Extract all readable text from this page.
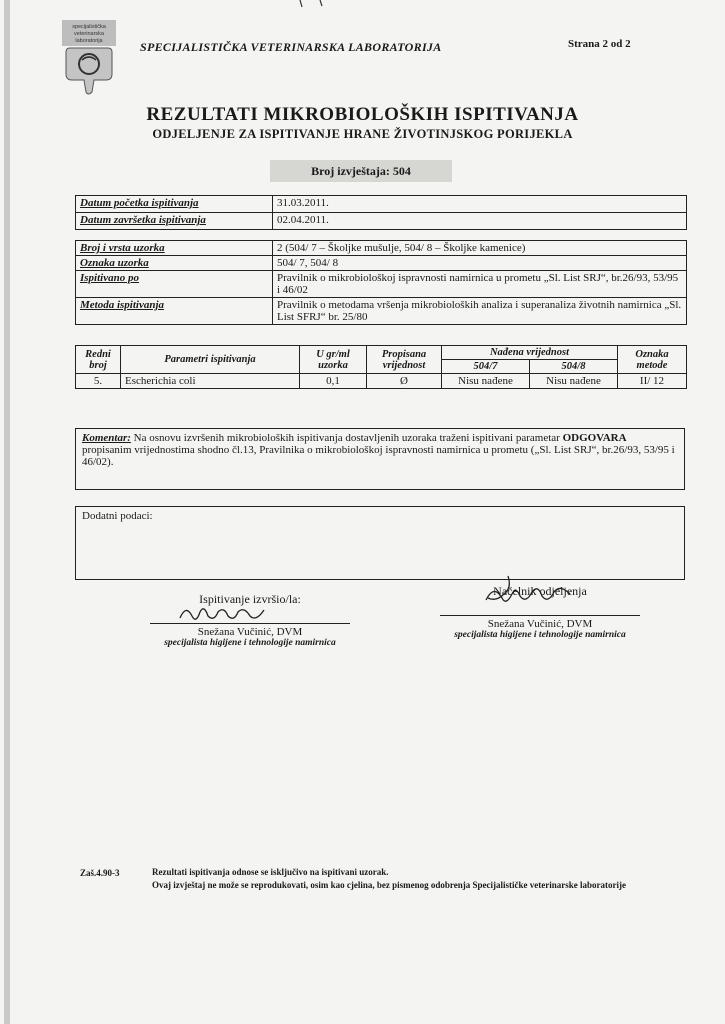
specijalistička
veterinarska
laboratorija	SPECIJALISTIČKA VETERINARSKA LABORATORIJA	Strana 2 od 2
REZULTATI MIKROBIOLOŠKIH ISPITIVANJA
ODJELJENJE ZA ISPITIVANJE HRANE ŽIVOTINJSKOG PORIJEKLA
Broj izvještaja: 504
Datum početka ispitivanja	31.03.2011.
Datum završetka ispitivanja	02.04.2011.
Broj i vrsta uzorka	2 (504/ 7 – Školjke mušulje, 504/ 8 – Školjke kamenice)
Oznaka uzorka	504/ 7, 504/ 8
Ispitivano po	Pravilnik o mikrobiološkoj ispravnosti namirnica u prometu „Sl. List SRJ“, br.26/93, 53/95 i 46/02
Metoda ispitivanja	Pravilnik o metodama vršenja mikrobioloških analiza i superanaliza životnih namirnica „Sl. List SFRJ“ br. 25/80
Redni broj	Parametri ispitivanja	U gr/ml uzorka	Propisana vrijednost	Nađena vrijednost		Oznaka metode
				504/7	504/8	
5.	Escherichia coli	0,1	Ø	Nisu nađene	Nisu nađene	II/ 12
Komentar: Na osnovu izvršenih mikrobioloških ispitivanja dostavljenih uzoraka traženi ispitivani parametar ODGOVARA propisanim vrijednostima shodno čl.13, Pravilnika o mikrobiološkoj ispravnosti namirnica u prometu („Sl. List SRJ“, br.26/93, 53/95 i 46/02).
Dodatni podaci:
Ispitivanje izvršio/la:
Snežana Vučinić, DVM
specijalista higijene i tehnologije namirnica
Načelnik odjeljenja
Snežana Vučinić, DVM
specijalista higijene i tehnologije namirnica
Zaš.4.90-3	Rezultati ispitivanja odnose se isključivo na ispitivani uzorak.
Ovaj izvještaj ne može se reprodukovati, osim kao cjelina, bez pismenog odobrenja Specijalističke veterinarske laboratorije
